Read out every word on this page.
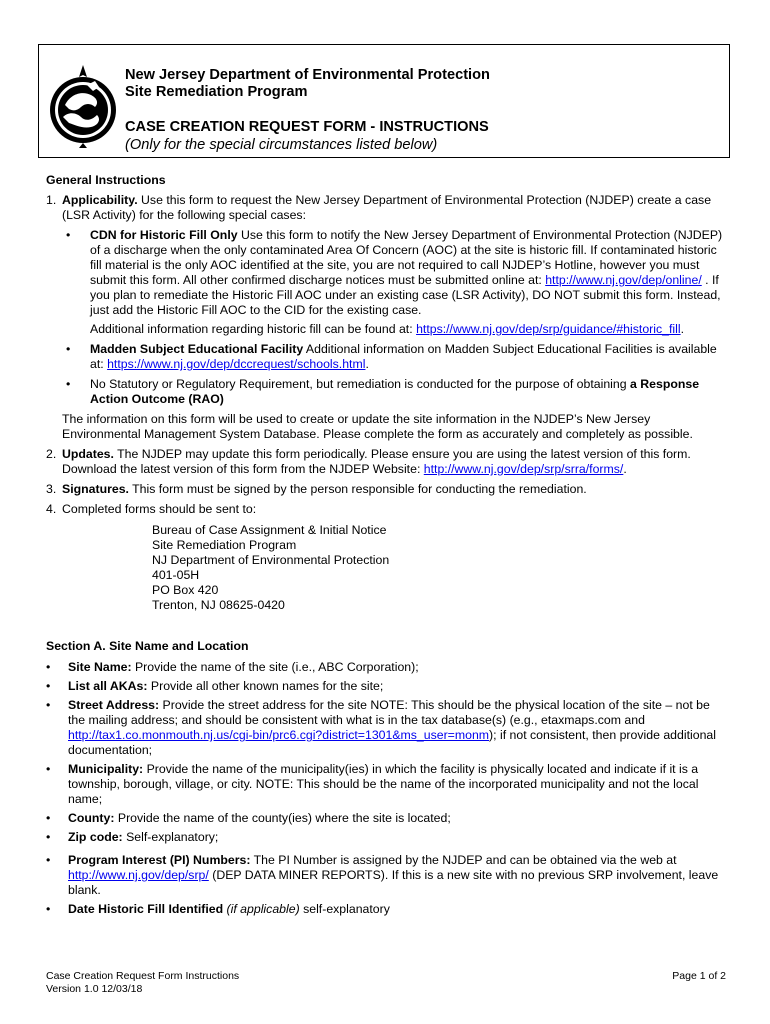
New Jersey Department of Environmental Protection
Site Remediation Program
CASE CREATION REQUEST FORM - INSTRUCTIONS
(Only for the special circumstances listed below)
General Instructions
1. Applicability. Use this form to request the New Jersey Department of Environmental Protection (NJDEP) create a case (LSR Activity) for the following special cases:
• CDN for Historic Fill Only Use this form to notify the New Jersey Department of Environmental Protection (NJDEP) of a discharge when the only contaminated Area Of Concern (AOC) at the site is historic fill. If contaminated historic fill material is the only AOC identified at the site, you are not required to call NJDEP’s Hotline, however you must submit this form. All other confirmed discharge notices must be submitted online at: http://www.nj.gov/dep/online/ . If you plan to remediate the Historic Fill AOC under an existing case (LSR Activity), DO NOT submit this form. Instead, just add the Historic Fill AOC to the CID for the existing case.

Additional information regarding historic fill can be found at: https://www.nj.gov/dep/srp/guidance/#historic_fill.

• Madden Subject Educational Facility Additional information on Madden Subject Educational Facilities is available at: https://www.nj.gov/dep/dccrequest/schools.html.
• No Statutory or Regulatory Requirement, but remediation is conducted for the purpose of obtaining a Response Action Outcome (RAO)
The information on this form will be used to create or update the site information in the NJDEP’s New Jersey Environmental Management System Database. Please complete the form as accurately and completely as possible.
2. Updates. The NJDEP may update this form periodically. Please ensure you are using the latest version of this form. Download the latest version of this form from the NJDEP Website: http://www.nj.gov/dep/srp/srra/forms/.
3. Signatures. This form must be signed by the person responsible for conducting the remediation.
4. Completed forms should be sent to:
Bureau of Case Assignment & Initial Notice
Site Remediation Program
NJ Department of Environmental Protection
401-05H
PO Box 420
Trenton, NJ 08625-0420
Section A. Site Name and Location
• Site Name: Provide the name of the site (i.e., ABC Corporation);
• List all AKAs: Provide all other known names for the site;
• Street Address: Provide the street address for the site NOTE: This should be the physical location of the site – not be the mailing address; and should be consistent with what is in the tax database(s) (e.g., etaxmaps.com and http://tax1.co.monmouth.nj.us/cgi-bin/prc6.cgi?district=1301&ms_user=monm); if not consistent, then provide additional documentation;
• Municipality: Provide the name of the municipality(ies) in which the facility is physically located and indicate if it is a township, borough, village, or city. NOTE: This should be the name of the incorporated municipality and not the local name;
• County: Provide the name of the county(ies) where the site is located;
• Zip code: Self-explanatory;
• Program Interest (PI) Numbers: The PI Number is assigned by the NJDEP and can be obtained via the web at http://www.nj.gov/dep/srp/ (DEP DATA MINER REPORTS). If this is a new site with no previous SRP involvement, leave blank.
• Date Historic Fill Identified (if applicable) self-explanatory
Case Creation Request Form Instructions
Version 1.0 12/03/18
Page 1 of 2
